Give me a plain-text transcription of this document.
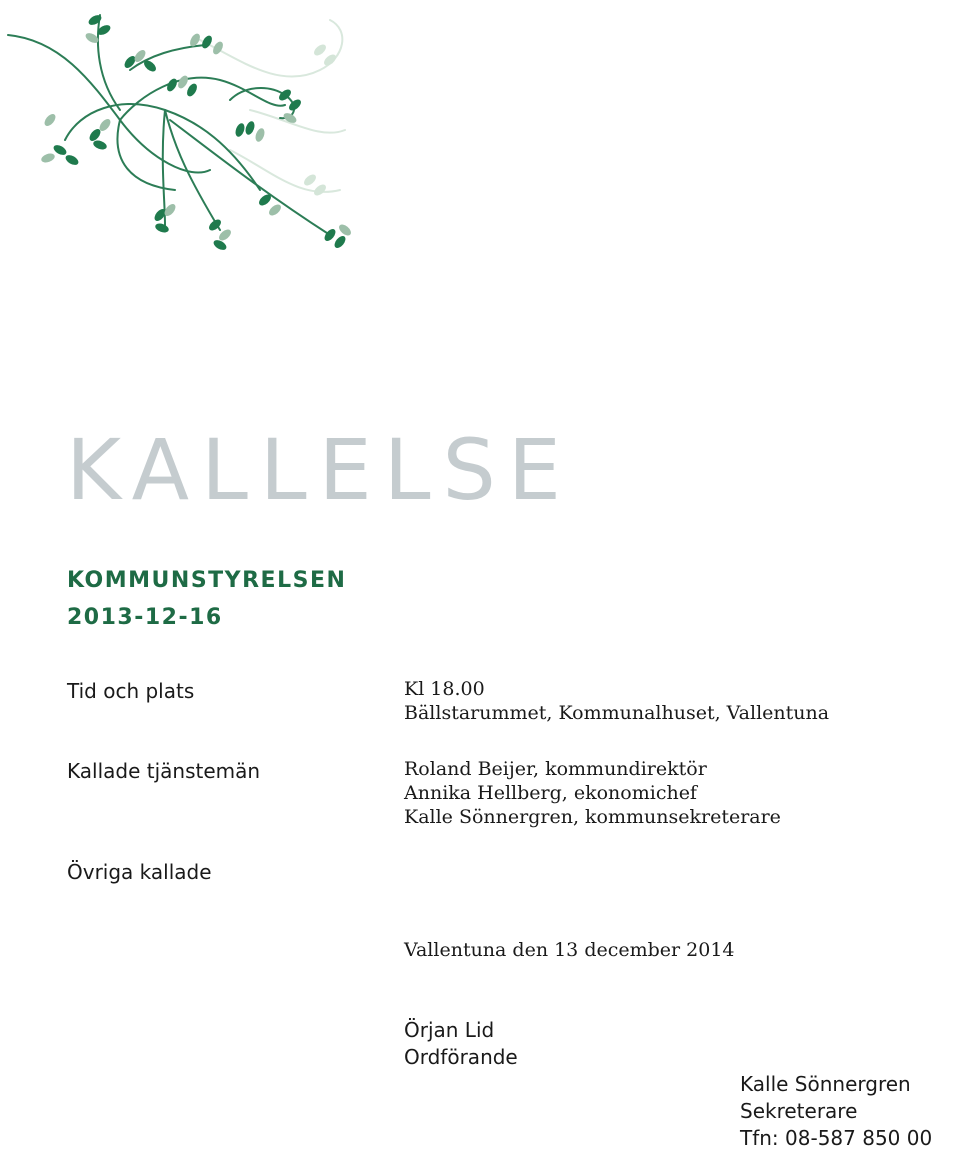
KALLELSE
KOMMUNSTYRELSEN
2013-12-16
Tid och plats	Kl 18.00
Bällstarummet, Kommunalhuset, Vallentuna
Kallade tjänstemän	Roland Beijer, kommundirektör
Annika Hellberg, ekonomichef
Kalle Sönnergren, kommunsekreterare
Övriga kallade
Vallentuna den 13 december 2014
Örjan Lid
Ordförande
Kalle Sönnergren
Sekreterare
Tfn: 08-587 850 00
